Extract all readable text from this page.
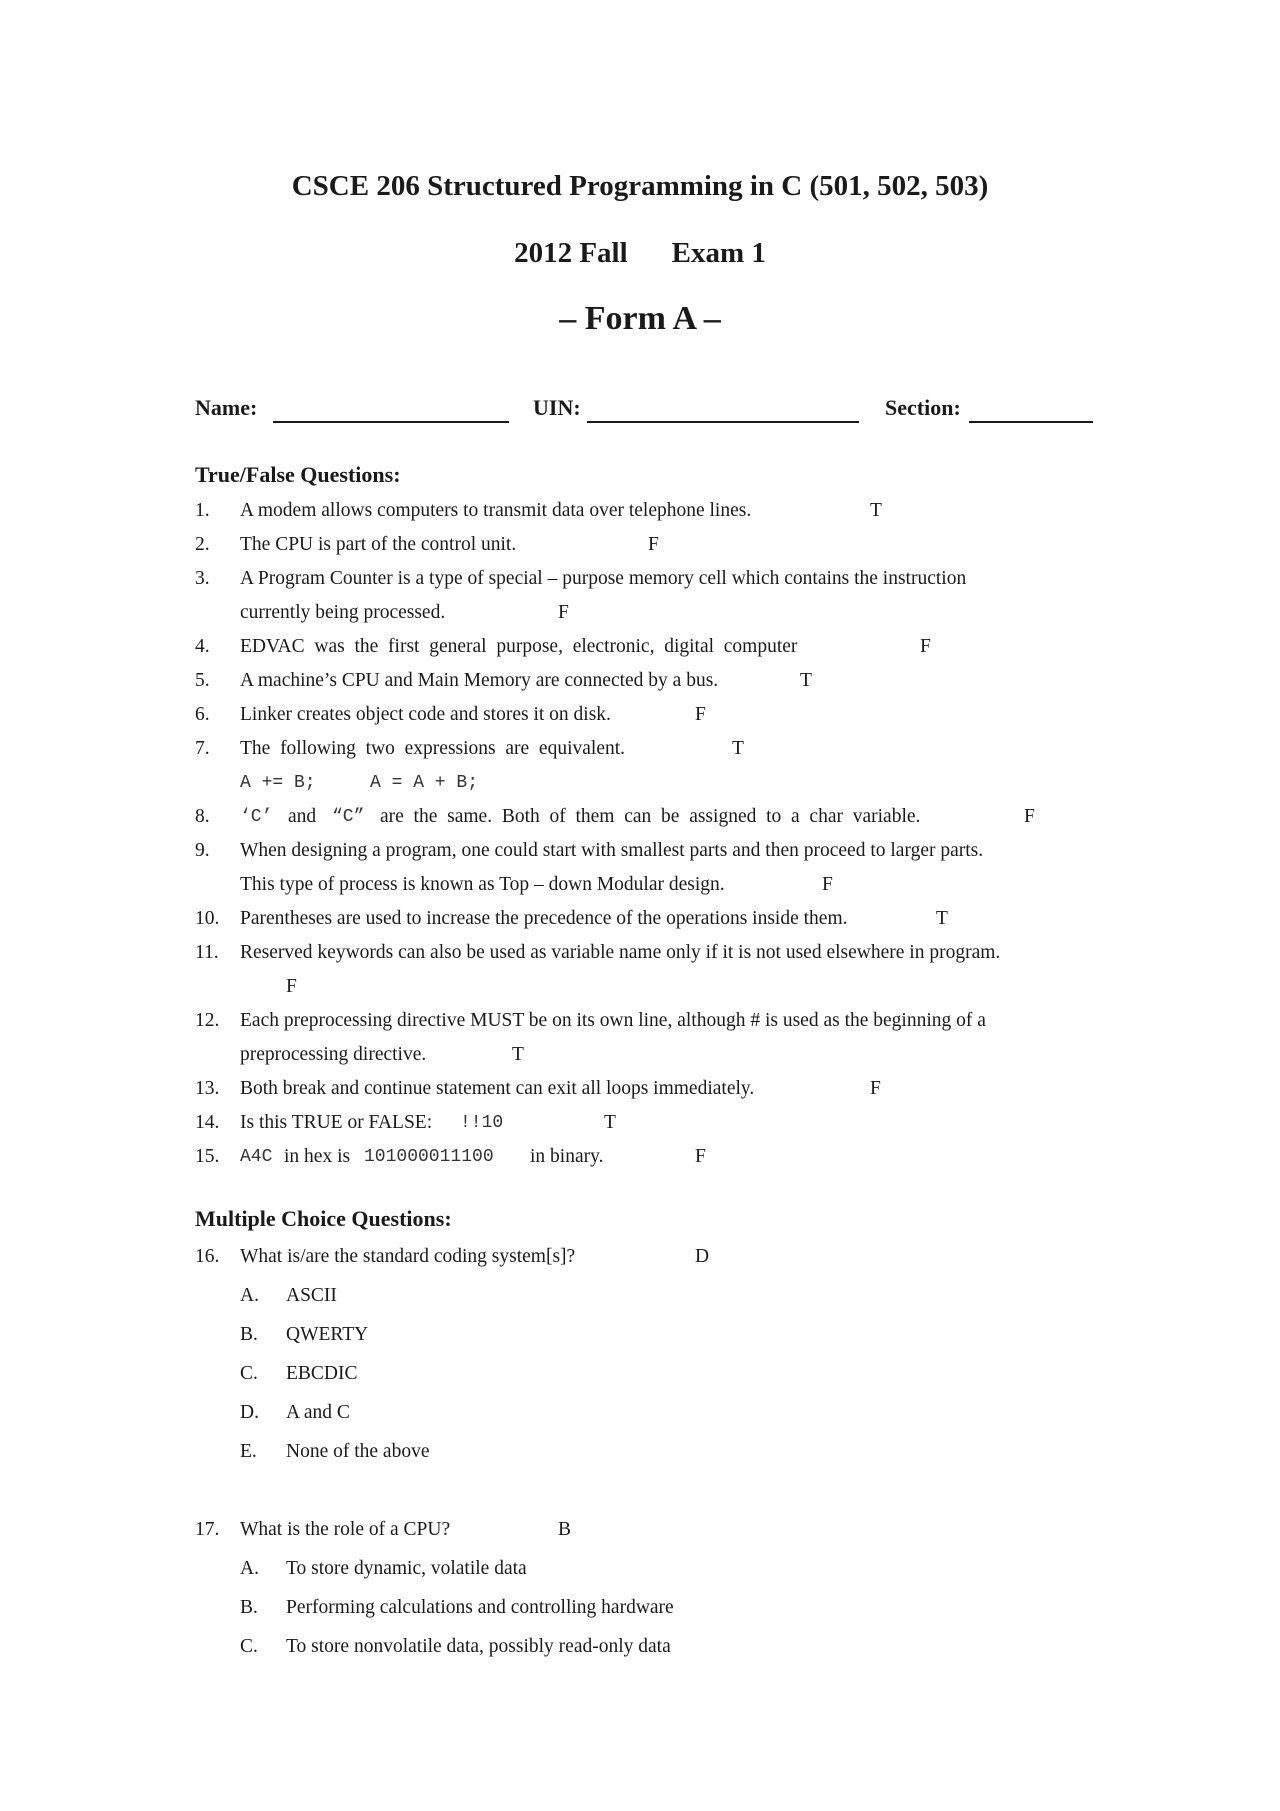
CSCE 206 Structured Programming in C (501, 502, 503)
2012 Fall Exam 1
– Form A –
Name:	UIN:	Section:
True/False Questions:
1. A modem allows computers to transmit data over telephone lines.	T
2. The CPU is part of the control unit.	F
3. A Program Counter is a type of special – purpose memory cell which contains the instruction
currently being processed.	F
4. EDVAC  was  the  first  general  purpose,  electronic,  digital  computer	F
5. A machine’s CPU and Main Memory are connected by a bus.	T
6. Linker creates object code and stores it on disk.	F
7. The  following  two  expressions  are  equivalent.	T
A += B;	A = A + B;
8. ‘C’ and “C” are  the  same.  Both  of  them  can  be  assigned  to  a  char  variable.	F
9. When designing a program, one could start with smallest parts and then proceed to larger parts.
This type of process is known as Top – down Modular design.	F
10. Parentheses are used to increase the precedence of the operations inside them.	T
11. Reserved keywords can also be used as variable name only if it is not used elsewhere in program.
F
12. Each preprocessing directive MUST be on its own line, although # is used as the beginning of a
preprocessing directive.	T
13. Both break and continue statement can exit all loops immediately.	F
14. Is this TRUE or FALSE: !!10	T
15. A4C in hex is 101000011100 in binary.	F
Multiple Choice Questions:
16. What is/are the standard coding system[s]?	D
A. ASCII
B. QWERTY
C. EBCDIC
D. A and C
E. None of the above
17. What is the role of a CPU?	B
A. To store dynamic, volatile data
B. Performing calculations and controlling hardware
C. To store nonvolatile data, possibly read-only data
